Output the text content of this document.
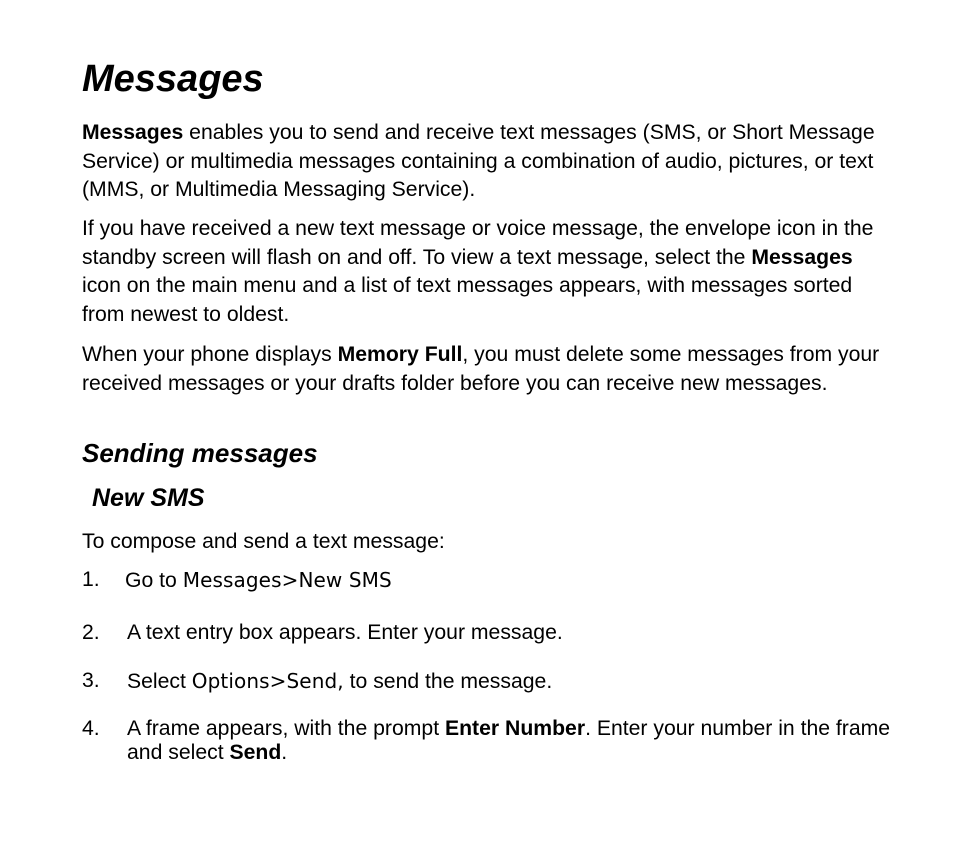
Messages

Messages enables you to send and receive text messages (SMS, or Short Message Service) or multimedia messages containing a combination of audio, pictures, or text (MMS, or Multimedia Messaging Service).

If you have received a new text message or voice message, the envelope icon in the standby screen will flash on and off. To view a text message, select the Messages icon on the main menu and a list of text messages appears, with messages sorted from newest to oldest.

When your phone displays Memory Full, you must delete some messages from your received messages or your drafts folder before you can receive new messages.

Sending messages
New SMS

To compose and send a text message:

1. Go to Messages>New SMS
2. A text entry box appears. Enter your message.
3. Select Options>Send, to send the message.
4. A frame appears, with the prompt Enter Number. Enter your number in the frame and select Send.
